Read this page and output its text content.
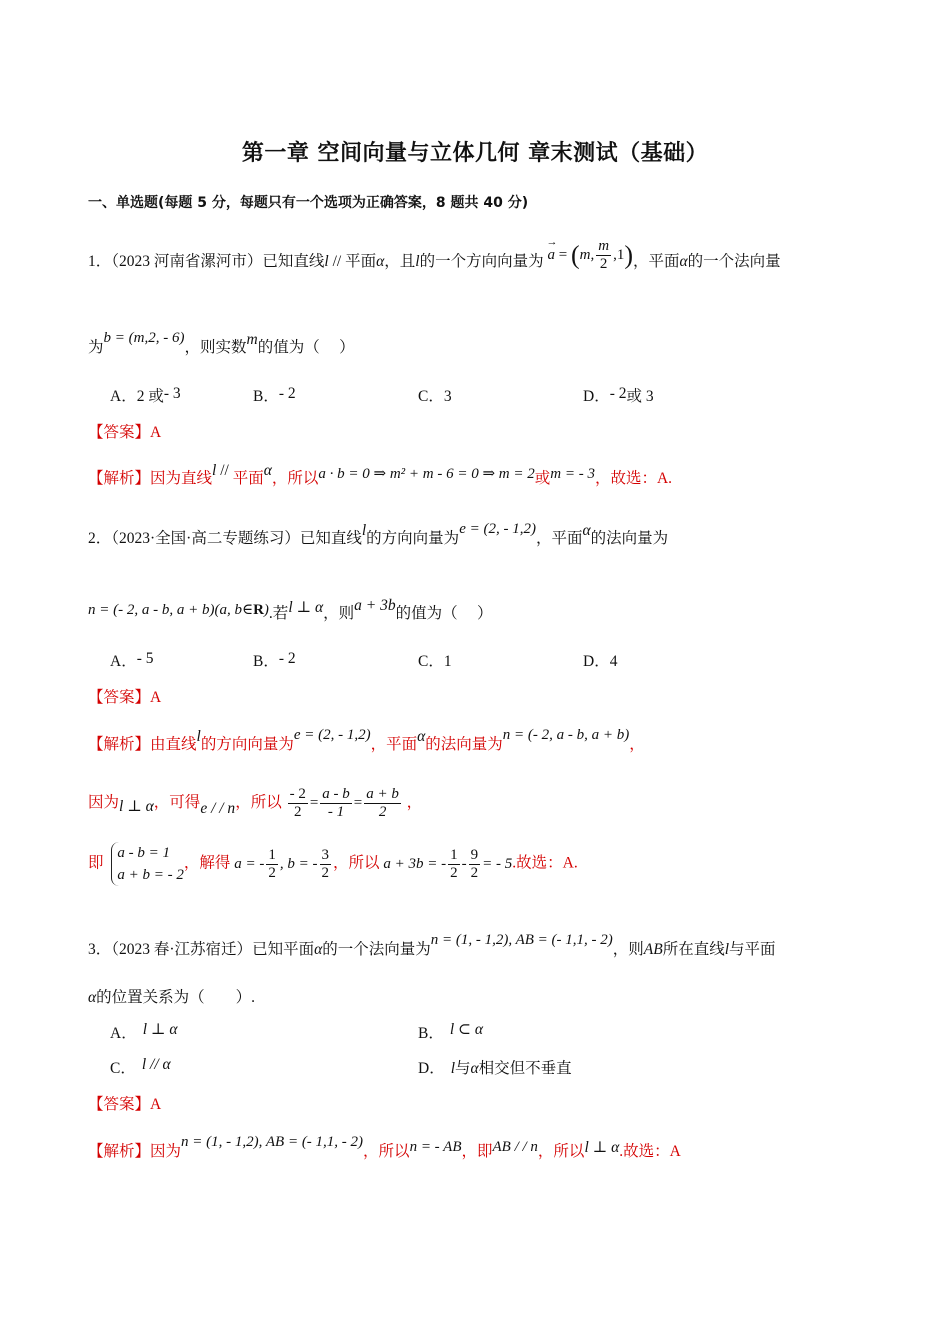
第一章 空间向量与立体几何 章末测试（基础）
一、单选题(每题 5 分，每题只有一个选项为正确答案，8 题共 40 分)
1．（2023 河南省漯河市）已知直线l // 平面α，且l的一个方向向量为 → a = (m, $\frac{m}{2} ,1$)，平面α的一个法向量
为b = (m,2, - 6)，则实数m的值为（　 ）
A．2 或- 3	B．- 2	C．3	D．- 2或 3
【答案】A
【解析】因为直线l // 平面α，所以a · b = 0 ⇒ m² + m - 6 = 0 ⇒ m = 2或m = - 3，故选：A.
2．（2023·全国·高二专题练习）已知直线l的方向向量为e = (2, - 1,2)，平面α的法向量为
n = (- 2, a - b, a + b)(a, b∈R).若l ⊥ α，则a + 3b的值为（　 ）
A．- 5	B．- 2	C．1	D．4
【答案】A
【解析】由直线l的方向向量为e = (2, - 1,2)，平面α的法向量为n = (- 2, a - b, a + b)，
因为l ⊥ α，可得e / / n，所以 $\frac{- 2}{2} = \frac{a - b}{- 1} = \frac{a + b}{2}$ ，
即
a - b = 1
a + b = - 2
，解得 a = - $\frac{1}{2}$ , b = - $\frac{3}{2}$ ，所以 a + 3b = - $\frac{1}{2} - \frac{9}{2}$ = - 5.故选：A.
3．（2023 春·江苏宿迁）已知平面α的一个法向量为n = (1, - 1,2), AB = (- 1,1, - 2)，则AB所在直线l与平面
α的位置关系为（　　）.
A． l ⊥ α	B． l ⊂ α
C． l // α	D． l与α相交但不垂直
【答案】A
【解析】因为n = (1, - 1,2), AB = (- 1,1, - 2)，所以n = - AB，即AB / / n，所以l ⊥ α.故选：A
